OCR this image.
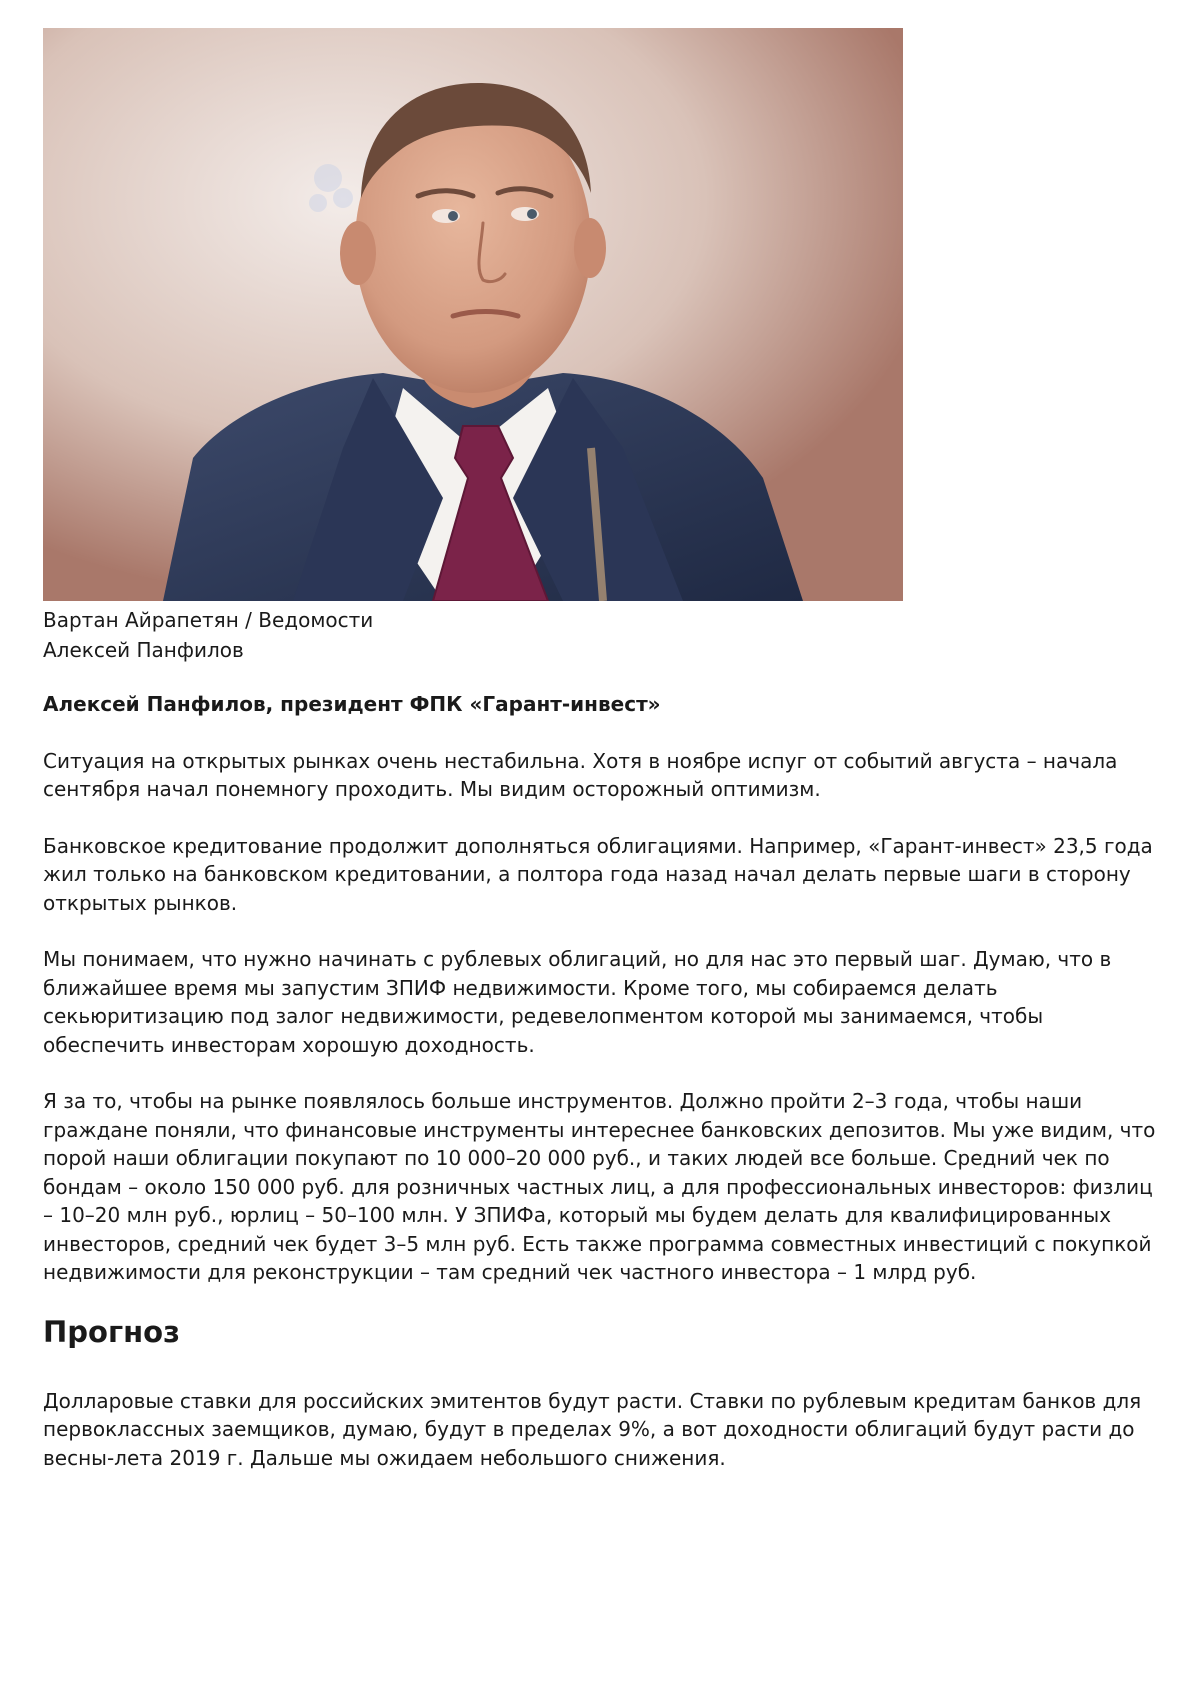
Вартан Айрапетян / Ведомости
Алексей Панфилов

Алексей Панфилов, президент ФПК «Гарант-инвест»

Ситуация на открытых рынках очень нестабильна. Хотя в ноябре испуг от событий августа – начала сентября начал понемногу проходить. Мы видим осторожный оптимизм.

Банковское кредитование продолжит дополняться облигациями. Например, «Гарант-инвест» 23,5 года жил только на банковском кредитовании, а полтора года назад начал делать первые шаги в сторону открытых рынков.

Мы понимаем, что нужно начинать с рублевых облигаций, но для нас это первый шаг. Думаю, что в ближайшее время мы запустим ЗПИФ недвижимости. Кроме того, мы собираемся делать секьюритизацию под залог недвижимости, редевелопментом которой мы занимаемся, чтобы обеспечить инвесторам хорошую доходность.

Я за то, чтобы на рынке появлялось больше инструментов. Должно пройти 2–3 года, чтобы наши граждане поняли, что финансовые инструменты интереснее банковских депозитов. Мы уже видим, что порой наши облигации покупают по 10 000–20 000 руб., и таких людей все больше. Средний чек по бондам – около 150 000 руб. для розничных частных лиц, а для профессиональных инвесторов: физлиц – 10–20 млн руб., юрлиц – 50–100 млн. У ЗПИФа, который мы будем делать для квалифицированных инвесторов, средний чек будет 3–5 млн руб. Есть также программа совместных инвестиций с покупкой недвижимости для реконструкции – там средний чек частного инвестора – 1 млрд руб.

Прогноз

Долларовые ставки для российских эмитентов будут расти. Ставки по рублевым кредитам банков для первоклассных заемщиков, думаю, будут в пределах 9%, а вот доходности облигаций будут расти до весны-лета 2019 г. Дальше мы ожидаем небольшого снижения.
